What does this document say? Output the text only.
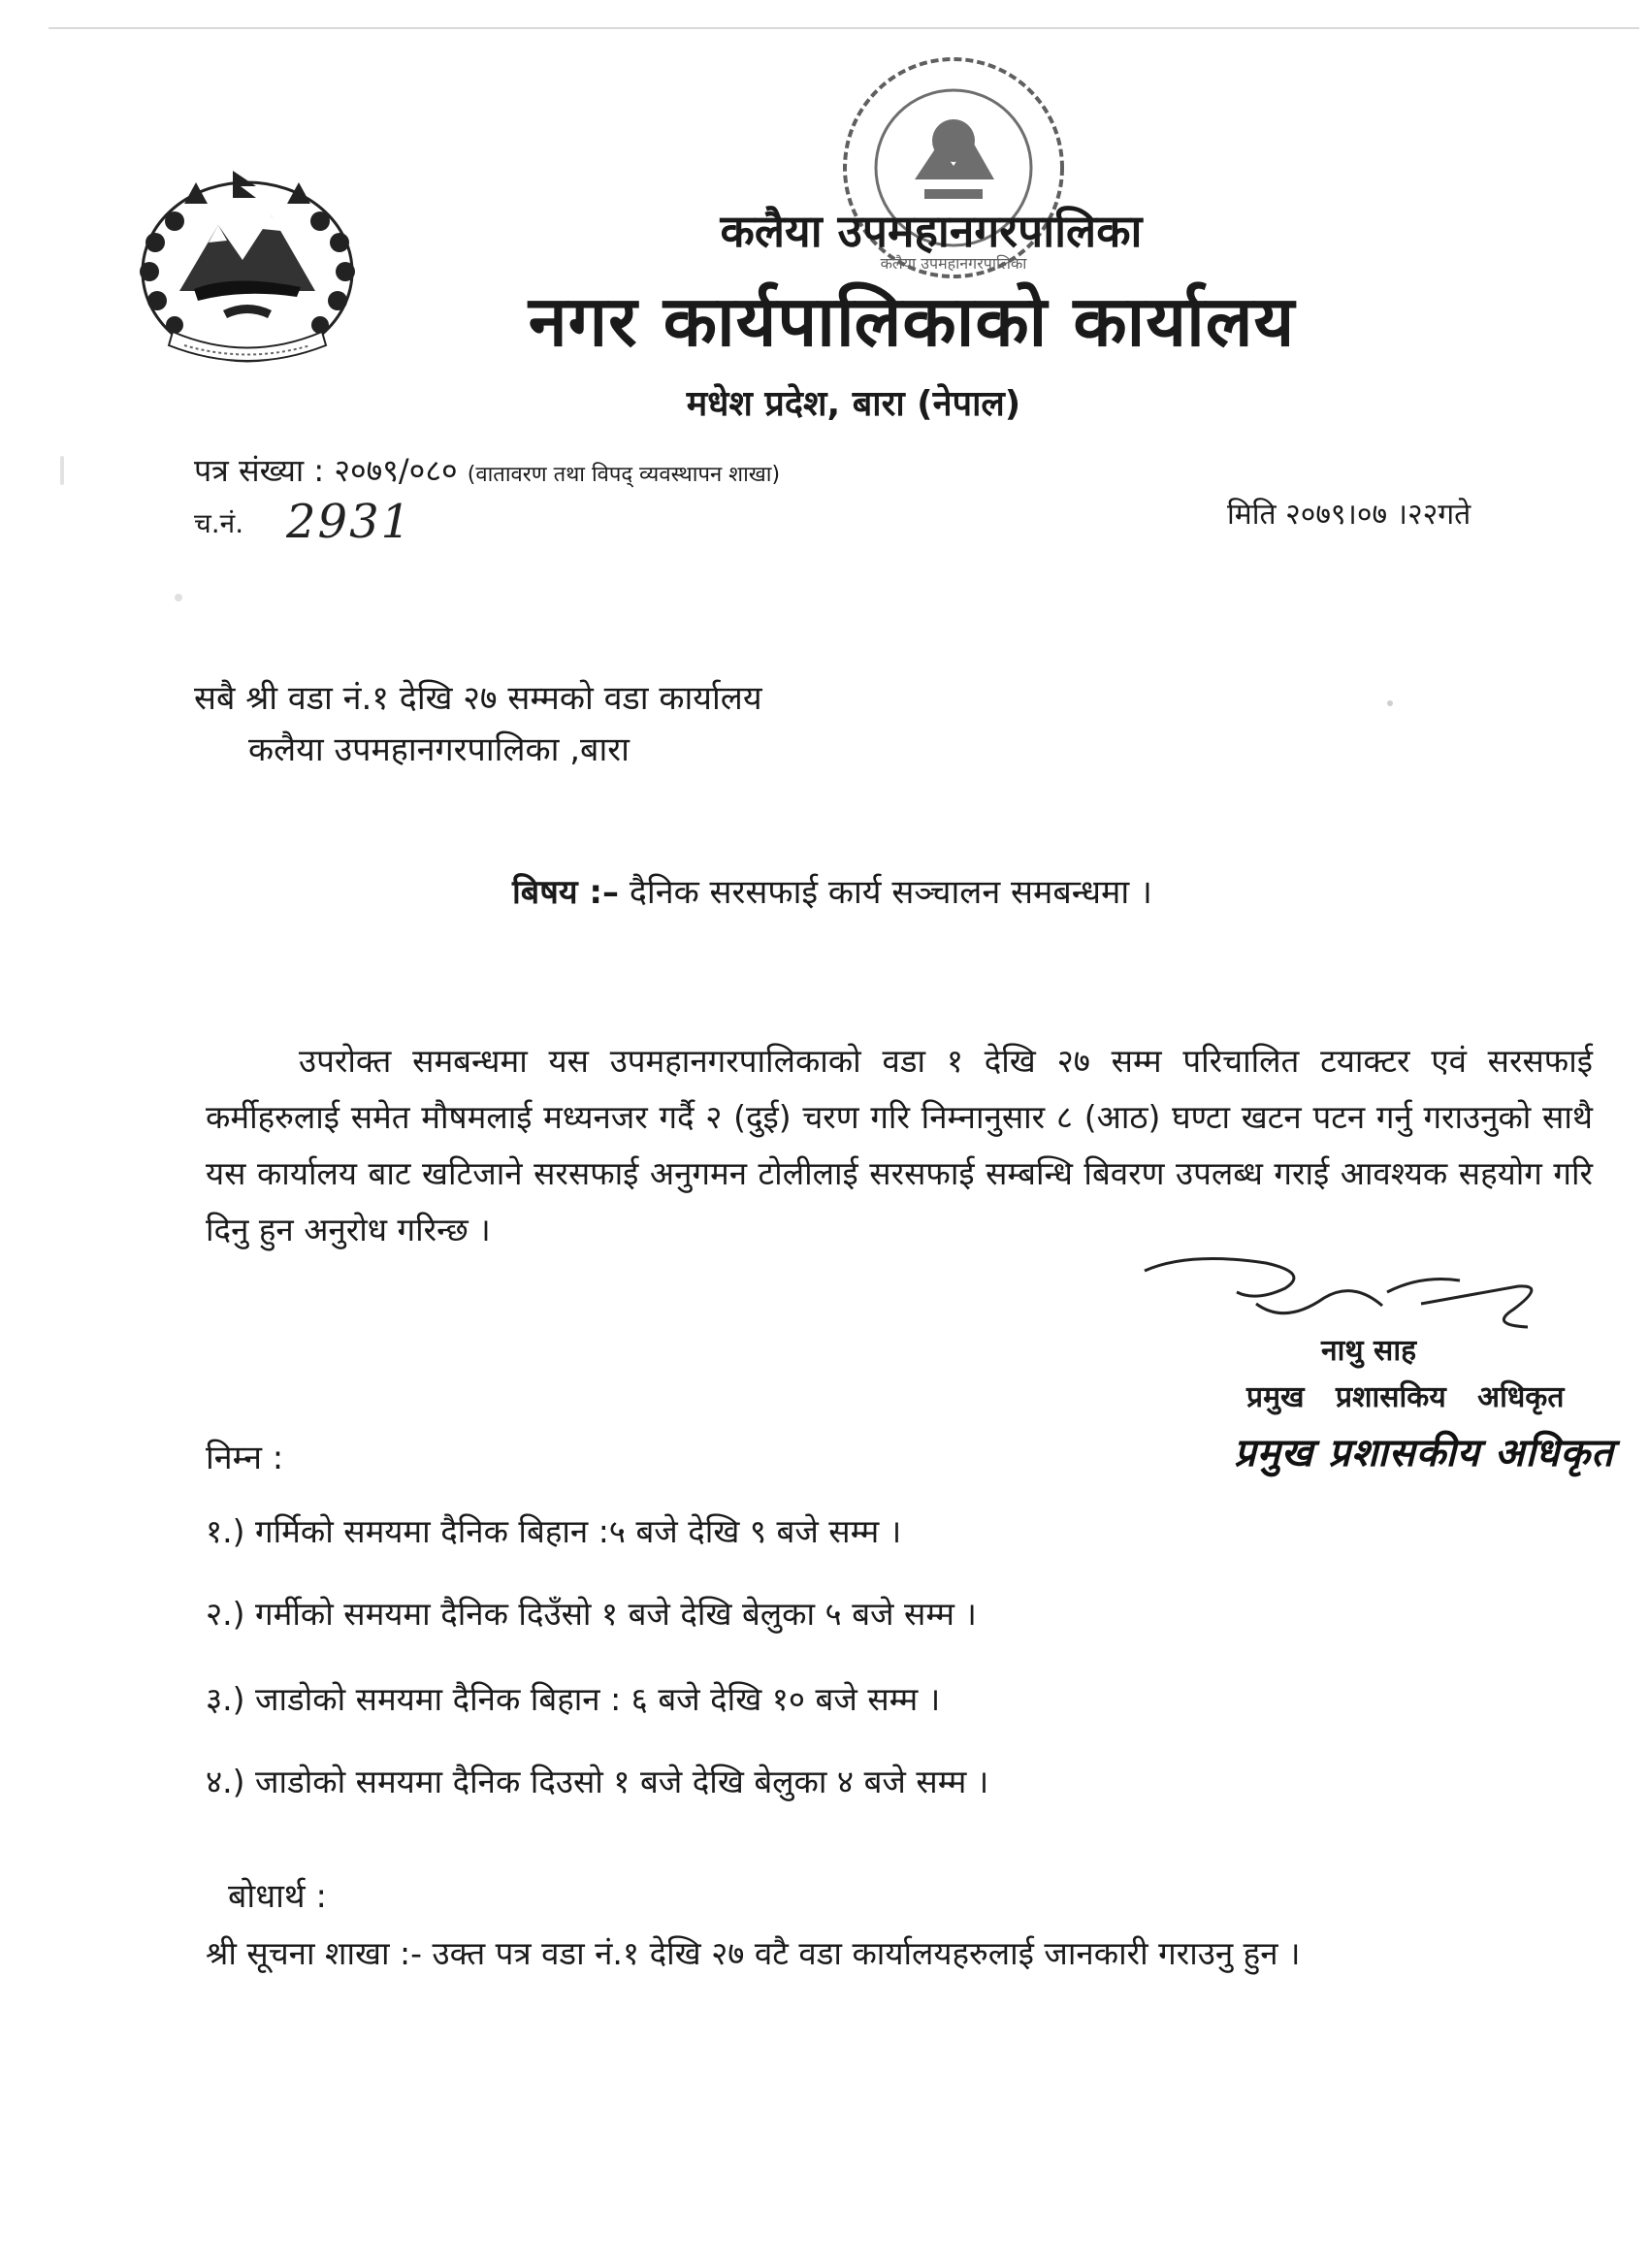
कलैया उपमहानगरपालिका
कलैया उपमहानगरपालिका
नगर कार्यपालिकाको कार्यालय
मधेश प्रदेश, बारा (नेपाल)
पत्र संख्या : २०७९/०८० (वातावरण तथा विपद् व्यवस्थापन शाखा)
च.नं. 2931	मिति २०७९।०७ ।२२गते
सबै श्री वडा नं.१ देखि २७ सम्मको वडा कार्यालय
कलैया उपमहानगरपालिका ,बारा
बिषय :– दैनिक सरसफाई कार्य सञ्चालन समबन्धमा ।

उपरोक्त समबन्धमा यस उपमहानगरपालिकाको वडा १ देखि २७ सम्म परिचालित टयाक्टर एवं सरसफाई कर्मीहरुलाई समेत मौषमलाई मध्यनजर गर्दै २ (दुई) चरण गरि निम्नानुसार ८ (आठ) घण्टा खटन पटन गर्नु गराउनुको साथै यस कार्यालय बाट खटिजाने सरसफाई अनुगमन टोलीलाई सरसफाई सम्बन्धि बिवरण उपलब्ध गराई आवश्यक सहयोग गरि दिनु हुन अनुरोध गरिन्छ ।

नाथु साह
प्रमुख प्रशासकिय अधिकृत
प्रमुख प्रशासकीय अधिकृत
निम्न :
१.) गर्मिको समयमा दैनिक बिहान :५ बजे देखि ९ बजे सम्म ।
२.) गर्मीको समयमा दैनिक दिउँसो १ बजे देखि बेलुका ५ बजे सम्म ।
३.) जाडोको समयमा दैनिक बिहान : ६ बजे देखि १० बजे सम्म ।
४.) जाडोको समयमा दैनिक दिउसो १ बजे देखि बेलुका ४ बजे सम्म ।
बोधार्थ :
श्री सूचना शाखा :- उक्त पत्र वडा नं.१ देखि २७ वटै वडा कार्यालयहरुलाई जानकारी गराउनु हुन ।
